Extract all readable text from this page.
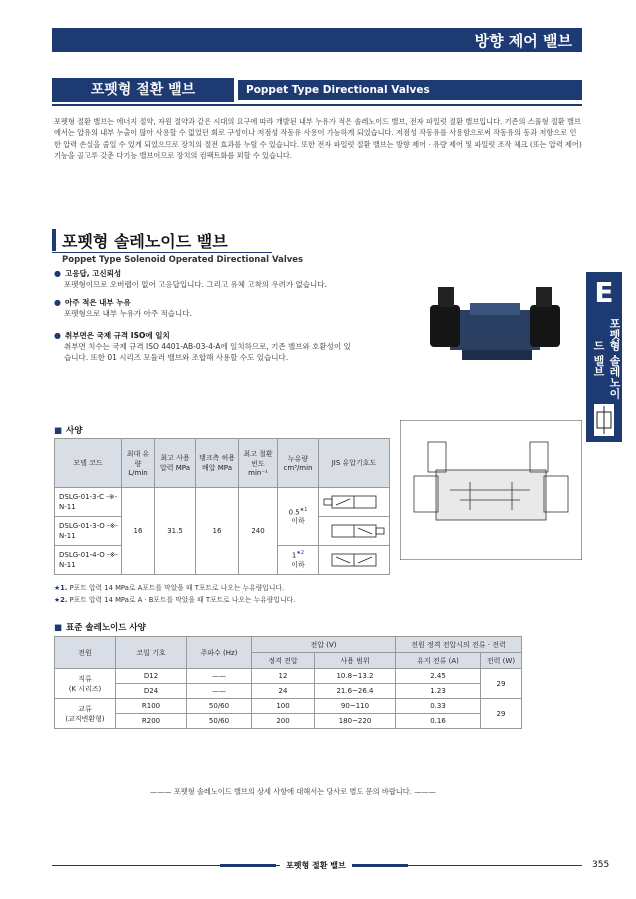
방향 제어 밸브
포펫형 절환 밸브	Poppet Type Directional Valves
포펫형 절환 밸브는 에너지 절약, 자원 절약과 같은 시대의 요구에 따라 개발된 내부 누유가 적은 솔레노이드 밸브, 전자 파일럿 절환 밸브입니다. 기존의 스풀형 절환 밸브에서는 압유의 내부 누출이 많아 사용할 수 없었던 회로 구성이나 저점성 작동유 사용이 가능하게 되었습니다. 저점성 작동유를 사용함으로써 작동유의 동과 저항으로 인한 압력 손실을 줄일 수 있게 되었으므로 장치의 절전 효과를 누릴 수 있습니다. 또한 전자 파일럿 절환 밸브는 방향 제어 · 유량 제어 및 파일럿 조작 체크 (또는 압력 제어) 기능을 골고루 갖춘 다기능 밸브이므로 장치의 컴팩트화를 꾀할 수 있습니다.
포펫형 솔레노이드 밸브
Poppet Type Solenoid Operated Directional Valves
● 고응답, 고신뢰성
포펫형이므로 오버랩이 없어 고응답입니다. 그리고 유체 고착의 우려가 없습니다.
● 아주 적은 내부 누유
포펫형으로 내부 누유가 아주 적습니다.
● 취부면은 국제 규격 ISO에 일치
취부면 치수는 국제 규격 ISO 4401-AB-03-4-A에 일치하므로, 기존 밸브와 호환성이 있습니다. 또한 01 시리즈 모듈러 밸브와 조합해 사용할 수도 있습니다.
E
포펫형 솔레노이드 밸브
■ 사양
모델 코드	최대 유량 L/min	최고 사용 압력 MPa	탱크측 허용 배압 MPa	최고 절환 빈도 min⁻¹	누유량 cm³/min	JIS 유압기호도
DSLG-01-3-C -※-N-11	16	31.5	16	240	$0.5^{★1}$
이하	
DSLG-01-3-O -※-N-11	
DSLG-01-4-O -※-N-11					$1^{★2}$
이하	
★1. P포트 압력 14 MPa로 A포트를 막았을 때 T포트로 나오는 누유량입니다.
★2. P포트 압력 14 MPa로 A · B포트를 막았을 때 T포트로 나오는 누유량입니다.
■ 표준 솔레노이드 사양
전원	코일 기호	주파수 (Hz)	전압 (V)		전원 정격 전압시의 전류 · 전력	
			정격 전압	사용 범위	유지 전류 (A)	전력 (W)
직류
(K 시리즈)	D12	——	12	10.8~13.2	2.45	29
	D24	——	24	21.6~26.4	1.23	
교류
(교직변환형)	R100	50/60	100	90~110	0.33	29
	R200	50/60	200	180~220	0.16	
——— 포펫형 솔레노이드 밸브의 상세 사항에 대해서는 당사로 별도 문의 바랍니다. ———
포펫형 절환 밸브	355
